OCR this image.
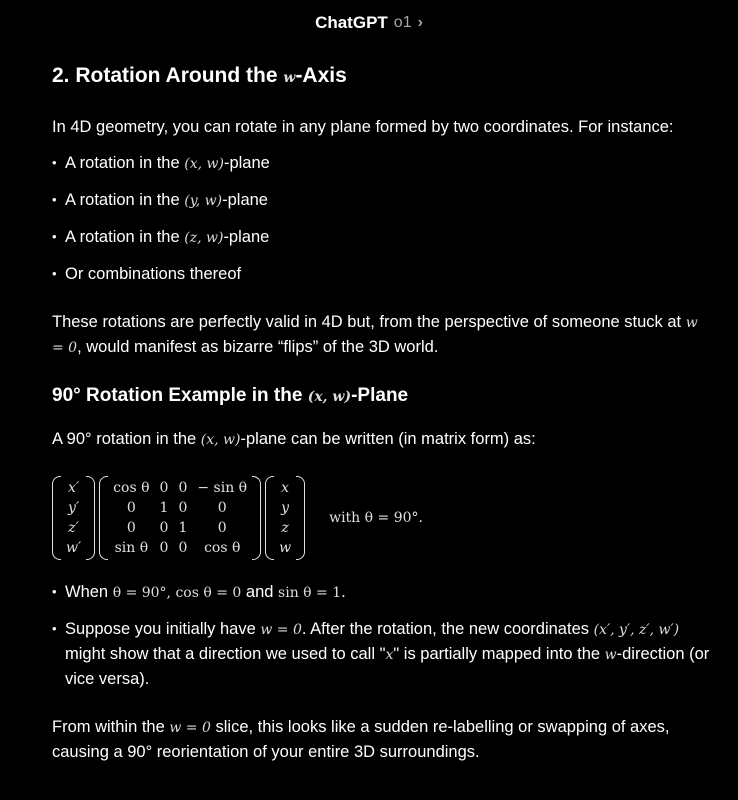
ChatGPT o1 ›
2. Rotation Around the w-Axis

In 4D geometry, you can rotate in any plane formed by two coordinates. For instance:

• A rotation in the (x, w)-plane
• A rotation in the (y, w)-plane
• A rotation in the (z, w)-plane
• Or combinations thereof

These rotations are perfectly valid in 4D but, from the perspective of someone stuck at w = 0, would manifest as bizarre “flips” of the 3D world.

90° Rotation Example in the (x, w)-Plane

A 90° rotation in the (x, w)-plane can be written (in matrix form) as:

x′
y′
z′
w′
cos θ	0	0	− sin θ
0	1	0	0
0	0	1	0
sin θ	0	0	cos θ
x
y
z
w
with θ = 90°.
• When θ = 90°, cos θ = 0 and sin θ = 1.
• Suppose you initially have w = 0. After the rotation, the new coordinates (x′, y′, z′, w′) might show that a direction we used to call "x" is partially mapped into the w-direction (or vice versa).

From within the w = 0 slice, this looks like a sudden re-labelling or swapping of axes, causing a 90° reorientation of your entire 3D surroundings.
